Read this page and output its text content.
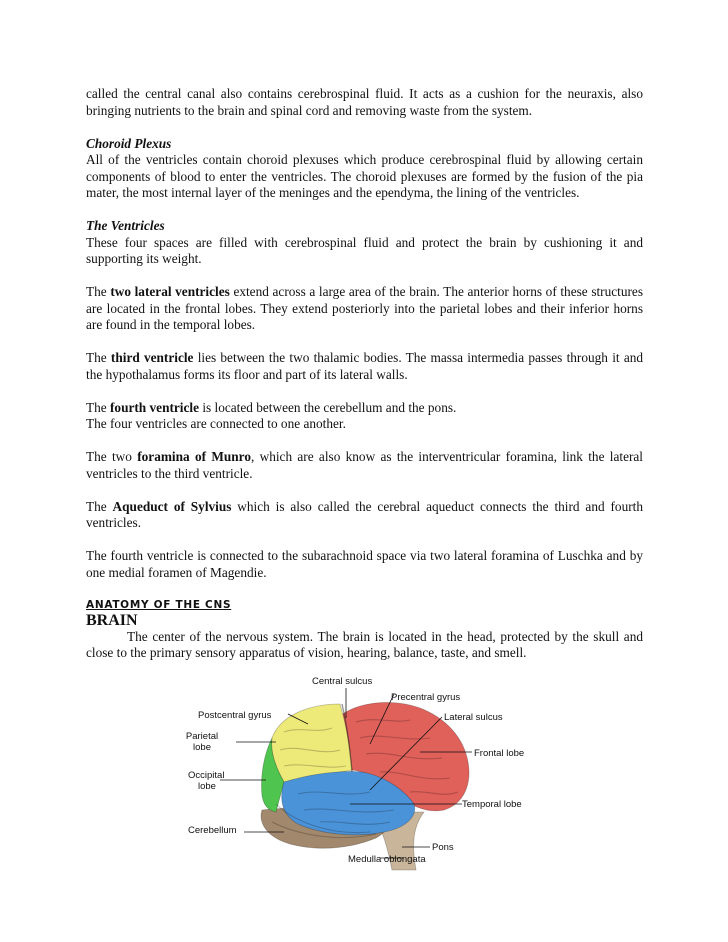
called the central canal also contains cerebrospinal fluid. It acts as a cushion for the neuraxis, also bringing nutrients to the brain and spinal cord and removing waste from the system.

Choroid Plexus
All of the ventricles contain choroid plexuses which produce cerebrospinal fluid by allowing certain components of blood to enter the ventricles. The choroid plexuses are formed by the fusion of the pia mater, the most internal layer of the meninges and the ependyma, the lining of the ventricles.

The Ventricles
These four spaces are filled with cerebrospinal fluid and protect the brain by cushioning it and supporting its weight.

The two lateral ventricles extend across a large area of the brain. The anterior horns of these structures are located in the frontal lobes. They extend posteriorly into the parietal lobes and their inferior horns are found in the temporal lobes.

The third ventricle lies between the two thalamic bodies. The massa intermedia passes through it and the hypothalamus forms its floor and part of its lateral walls.

The fourth ventricle is located between the cerebellum and the pons.
The four ventricles are connected to one another.

The two foramina of Munro, which are also know as the interventricular foramina, link the lateral ventricles to the third ventricle.

The Aqueduct of Sylvius which is also called the cerebral aqueduct connects the third and fourth ventricles.

The fourth ventricle is connected to the subarachnoid space via two lateral foramina of Luschka and by one medial foramen of Magendie.

ANATOMY OF THE CNS
BRAIN
The center of the nervous system. The brain is located in the head, protected by the skull and close to the primary sensory apparatus of vision, hearing, balance, taste, and smell.

Central sulcus
Precentral gyrus
Postcentral gyrus	Lateral sulcus
Parietal
lobe
Frontal lobe
Occipital
lobe
Temporal lobe
Cerebellum
Pons
Medulla oblongata
